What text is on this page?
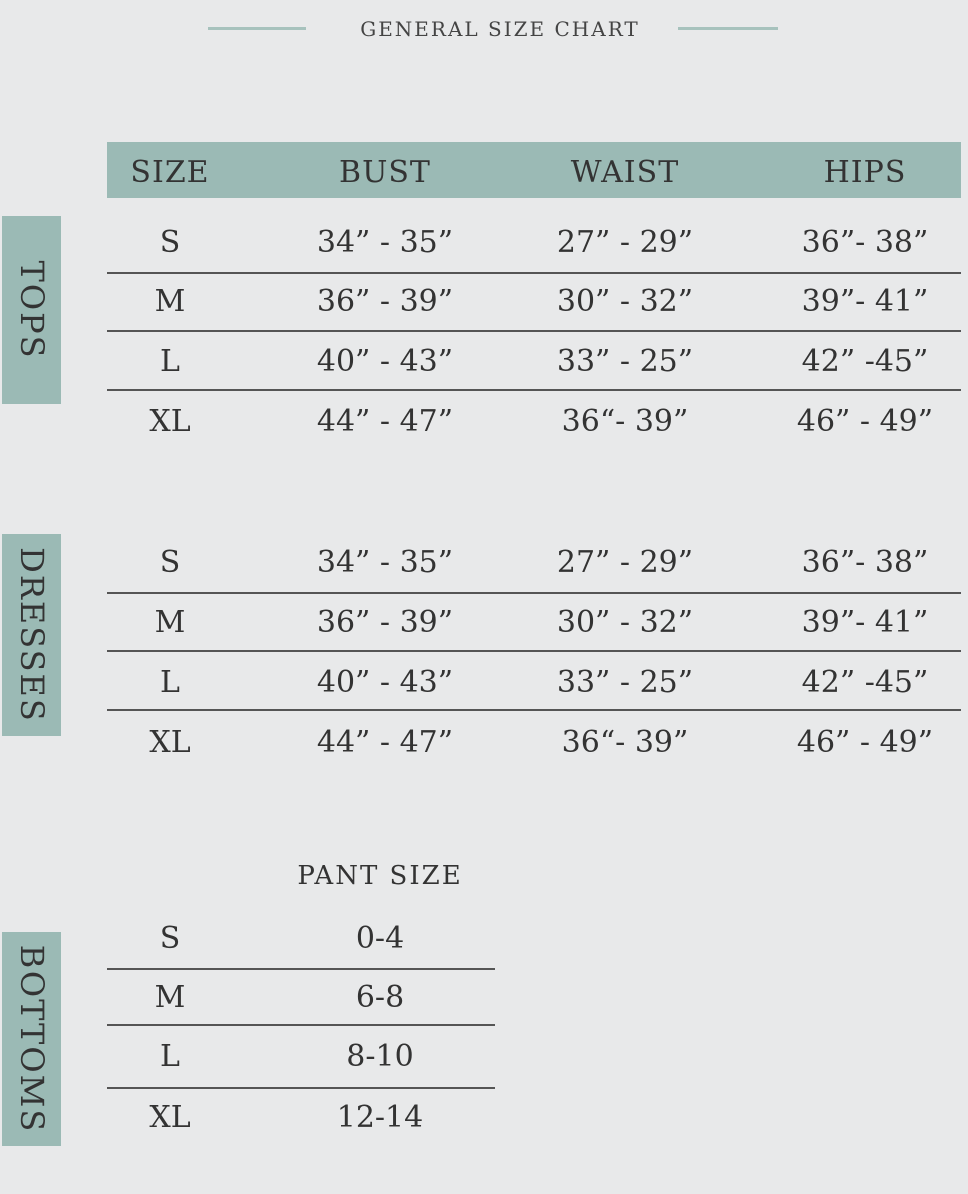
GENERAL SIZE CHART
SIZE	BUST	WAIST	HIPS
TOPS
DRESSES
BOTTOMS
S	34” - 35”	27” - 29”	36”- 38”
M	36” - 39”	30” - 32”	39”- 41”
L	40” - 43”	33” - 25”	42” -45”
XL	44” - 47”	36“- 39”	46” - 49”
S	34” - 35”	27” - 29”	36”- 38”
M	36” - 39”	30” - 32”	39”- 41”
L	40” - 43”	33” - 25”	42” -45”
XL	44” - 47”	36“- 39”	46” - 49”
PANT SIZE
S	0-4
M	6-8
L	8-10
XL	12-14
